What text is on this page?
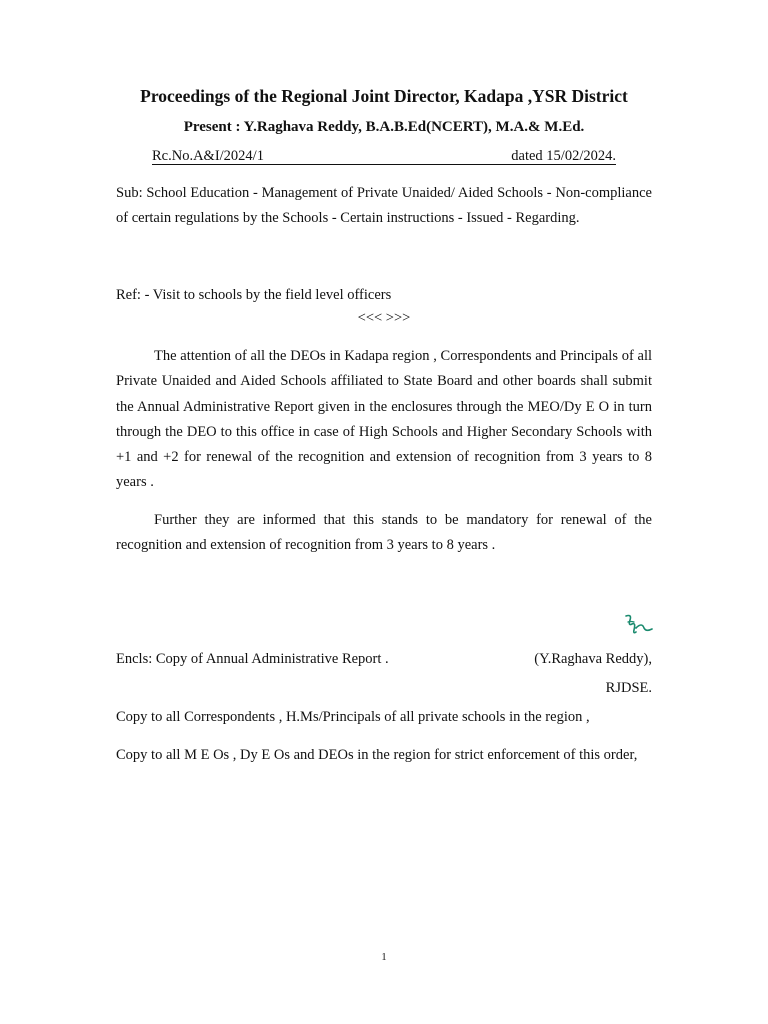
Proceedings of the Regional Joint Director, Kadapa ,YSR District
Present : Y.Raghava Reddy, B.A.B.Ed(NCERT), M.A.& M.Ed.
Rc.No.A&I/2024/1	dated 15/02/2024.
Sub: School Education - Management of Private Unaided/ Aided Schools - Non-compliance of certain regulations by the Schools - Certain instructions - Issued - Regarding.
Ref: - Visit to schools by the field level officers
<<< >>>
The attention of all the DEOs in Kadapa region , Correspondents and Principals of all Private Unaided and Aided Schools affiliated to State Board and other boards shall submit the Annual Administrative Report given in the enclosures through the MEO/Dy E O in turn through the DEO to this office in case of High Schools and Higher Secondary Schools with +1 and +2 for renewal of the recognition and extension of recognition from 3 years to 8 years .
Further they are informed that this stands to be mandatory for renewal of the recognition and extension of recognition from 3 years to 8 years .
Encls: Copy of Annual Administrative Report .	(Y.Raghava Reddy),
RJDSE.
Copy to all Correspondents , H.Ms/Principals of all private schools in the region ,
Copy to all M E Os , Dy E Os and DEOs in the region for strict enforcement of this order,
1
